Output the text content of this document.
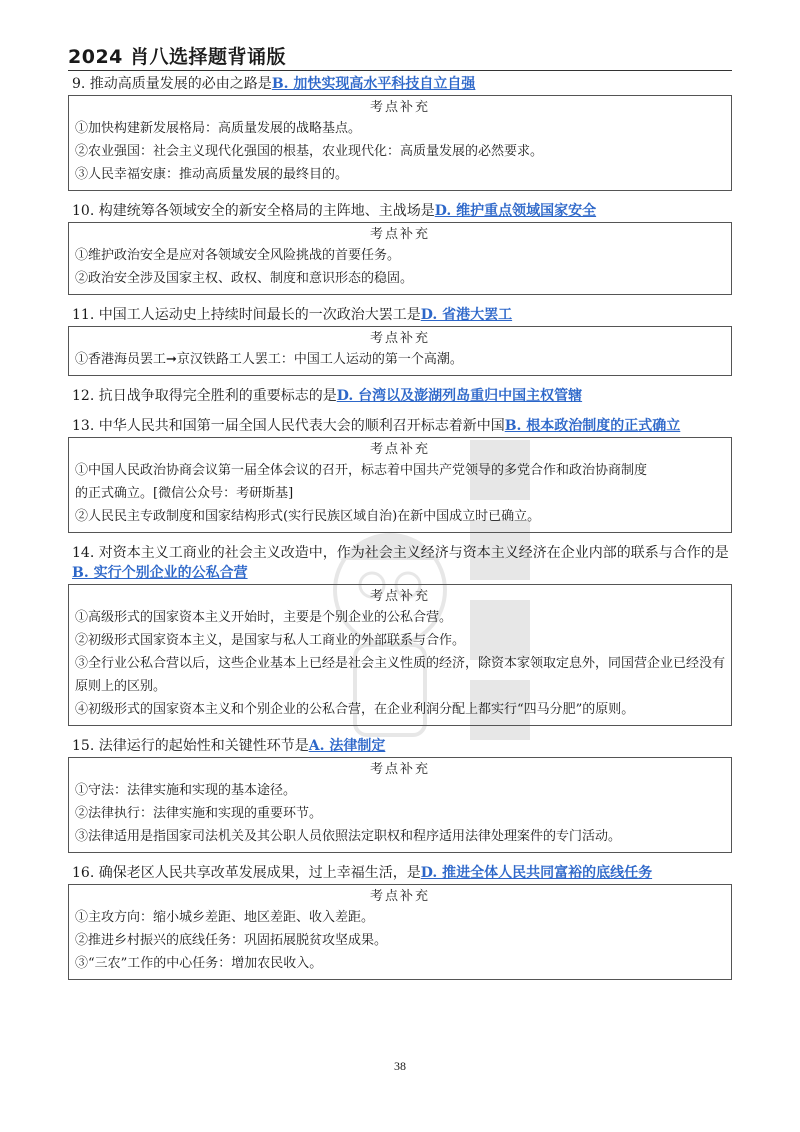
2024 肖八选择题背诵版
9. 推动高质量发展的必由之路是B. 加快实现高水平科技自立自强
考点补充
①加快构建新发展格局：高质量发展的战略基点。
②农业强国：社会主义现代化强国的根基，农业现代化：高质量发展的必然要求。
③人民幸福安康：推动高质量发展的最终目的。
10. 构建统筹各领域安全的新安全格局的主阵地、主战场是D. 维护重点领域国家安全
考点补充
①维护政治安全是应对各领域安全风险挑战的首要任务。
②政治安全涉及国家主权、政权、制度和意识形态的稳固。
11. 中国工人运动史上持续时间最长的一次政治大罢工是D. 省港大罢工
考点补充
①香港海员罢工➞京汉铁路工人罢工：中国工人运动的第一个高潮。
12. 抗日战争取得完全胜利的重要标志的是D. 台湾以及澎湖列岛重归中国主权管辖
13. 中华人民共和国第一届全国人民代表大会的顺利召开标志着新中国B. 根本政治制度的正式确立
考点补充
①中国人民政治协商会议第一届全体会议的召开，标志着中国共产党领导的多党合作和政治协商制度
的正式确立。[微信公众号：考研斯基]
②人民民主专政制度和国家结构形式(实行民族区域自治)在新中国成立时已确立。
14. 对资本主义工商业的社会主义改造中，作为社会主义经济与资本主义经济在企业内部的联系与合作的是B. 实行个别企业的公私合营
考点补充
①高级形式的国家资本主义开始时，主要是个别企业的公私合营。
②初级形式国家资本主义，是国家与私人工商业的外部联系与合作。
③全行业公私合营以后，这些企业基本上已经是社会主义性质的经济，除资本家领取定息外，同国营企业已经没有原则上的区别。
④初级形式的国家资本主义和个别企业的公私合营，在企业利润分配上都实行“四马分肥”的原则。
15. 法律运行的起始性和关键性环节是A. 法律制定
考点补充
①守法：法律实施和实现的基本途径。
②法律执行：法律实施和实现的重要环节。
③法律适用是指国家司法机关及其公职人员依照法定职权和程序适用法律处理案件的专门活动。
16. 确保老区人民共享改革发展成果，过上幸福生活，是D. 推进全体人民共同富裕的底线任务
考点补充
①主攻方向：缩小城乡差距、地区差距、收入差距。
②推进乡村振兴的底线任务：巩固拓展脱贫攻坚成果。
③“三农”工作的中心任务：增加农民收入。
38
